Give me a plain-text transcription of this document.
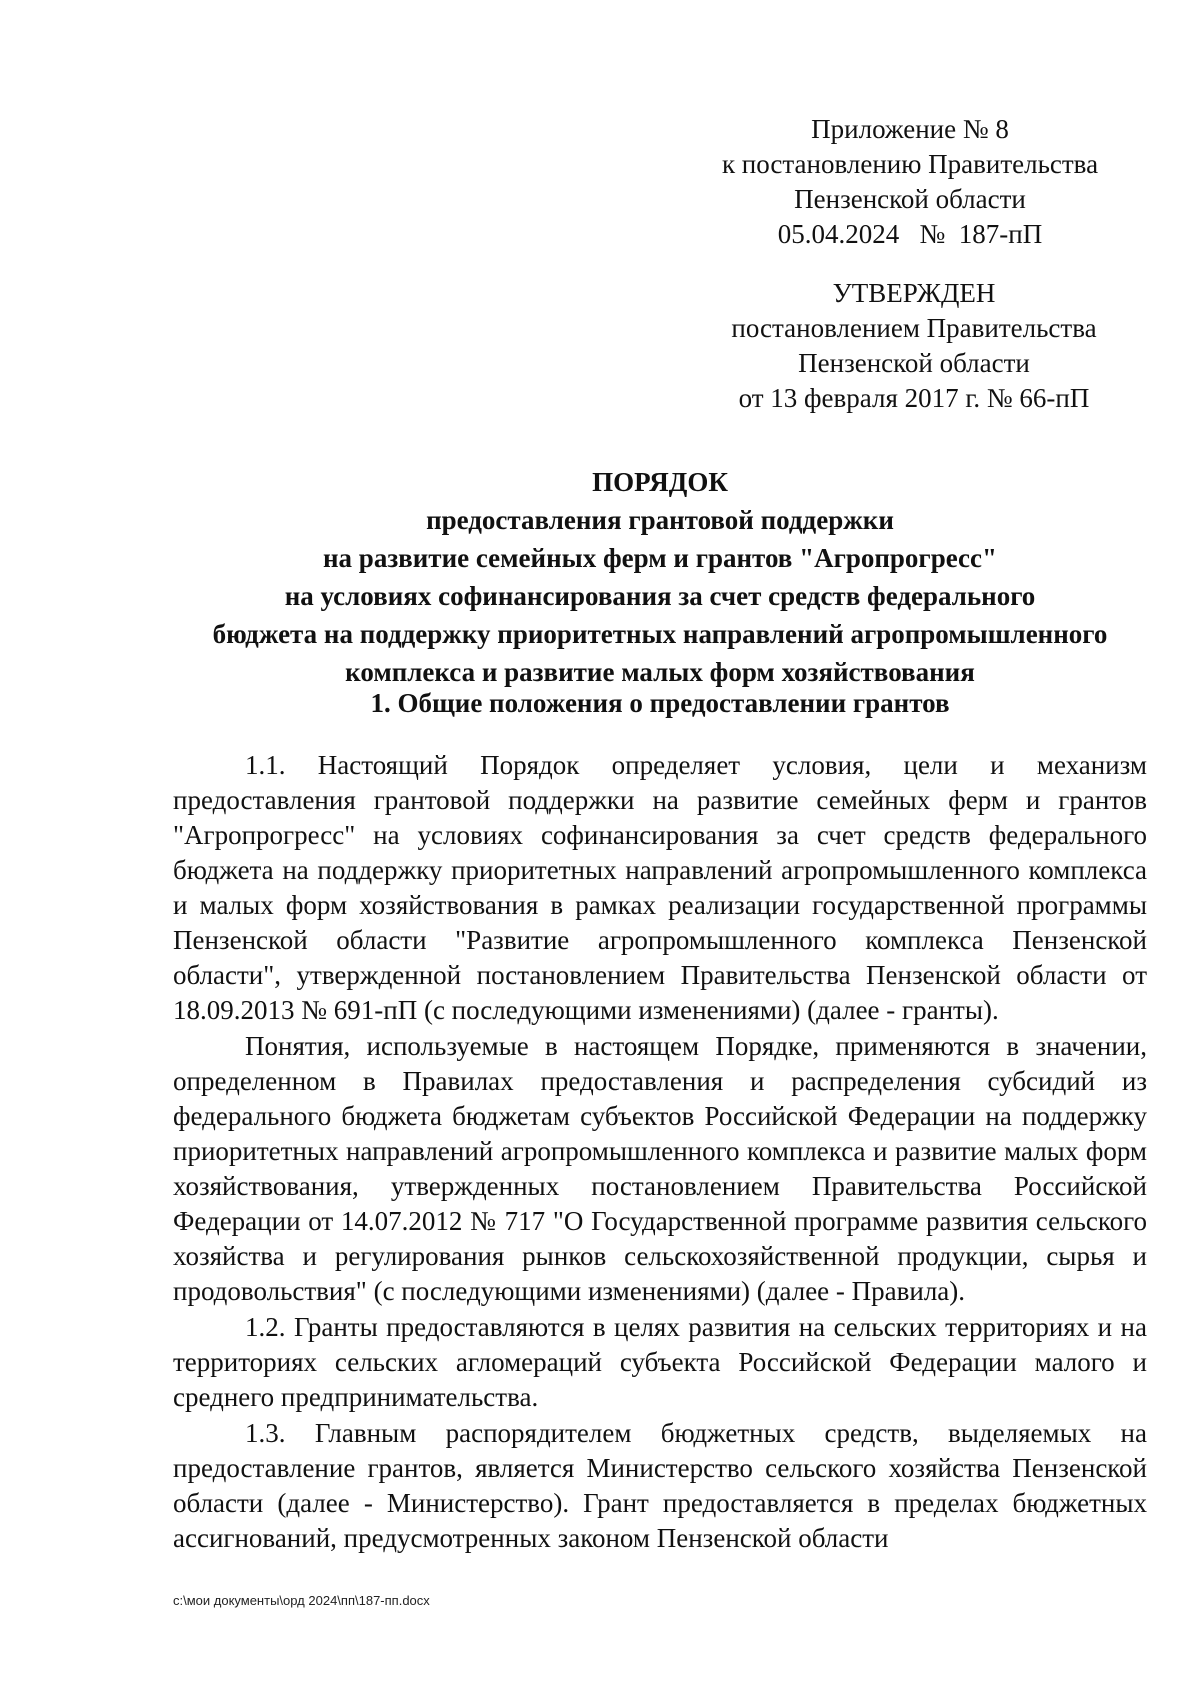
Приложение № 8
к постановлению Правительства
Пензенской области
05.04.2024   №  187-пП
УТВЕРЖДЕН
постановлением Правительства
Пензенской области
от 13 февраля 2017 г. № 66-пП
ПОРЯДОК
предоставления грантовой поддержки
на развитие семейных ферм и грантов "Агропрогресс"
на условиях софинансирования за счет средств федерального
бюджета на поддержку приоритетных направлений агропромышленного
комплекса и развитие малых форм хозяйствования
1. Общие положения о предоставлении грантов

1.1. Настоящий Порядок определяет условия, цели и механизм предоставления грантовой поддержки на развитие семейных ферм и грантов "Агропрогресс" на условиях софинансирования за счет средств федерального бюджета на поддержку приоритетных направлений агропромышленного комплекса и малых форм хозяйствования в рамках реализации государственной программы Пензенской области "Развитие агропромышленного комплекса Пензенской области", утвержденной постановлением Правительства Пензенской области от 18.09.2013 № 691-пП (с последующими изменениями) (далее - гранты).

Понятия, используемые в настоящем Порядке, применяются в значении, определенном в Правилах предоставления и распределения субсидий из федерального бюджета бюджетам субъектов Российской Федерации на поддержку приоритетных направлений агропромышленного комплекса и развитие малых форм хозяйствования, утвержденных постановлением Правительства Российской Федерации от 14.07.2012 № 717 "О Государственной программе развития сельского хозяйства и регулирования рынков сельскохозяйственной продукции, сырья и продовольствия" (с последующими изменениями) (далее - Правила).

1.2. Гранты предоставляются в целях развития на сельских территориях и на территориях сельских агломераций субъекта Российской Федерации малого и среднего предпринимательства.

1.3. Главным распорядителем бюджетных средств, выделяемых на предоставление грантов, является Министерство сельского хозяйства Пензенской области (далее - Министерство). Грант предоставляется в пределах бюджетных ассигнований, предусмотренных законом Пензенской области

c:\мои документы\орд 2024\пп\187-пп.docx
